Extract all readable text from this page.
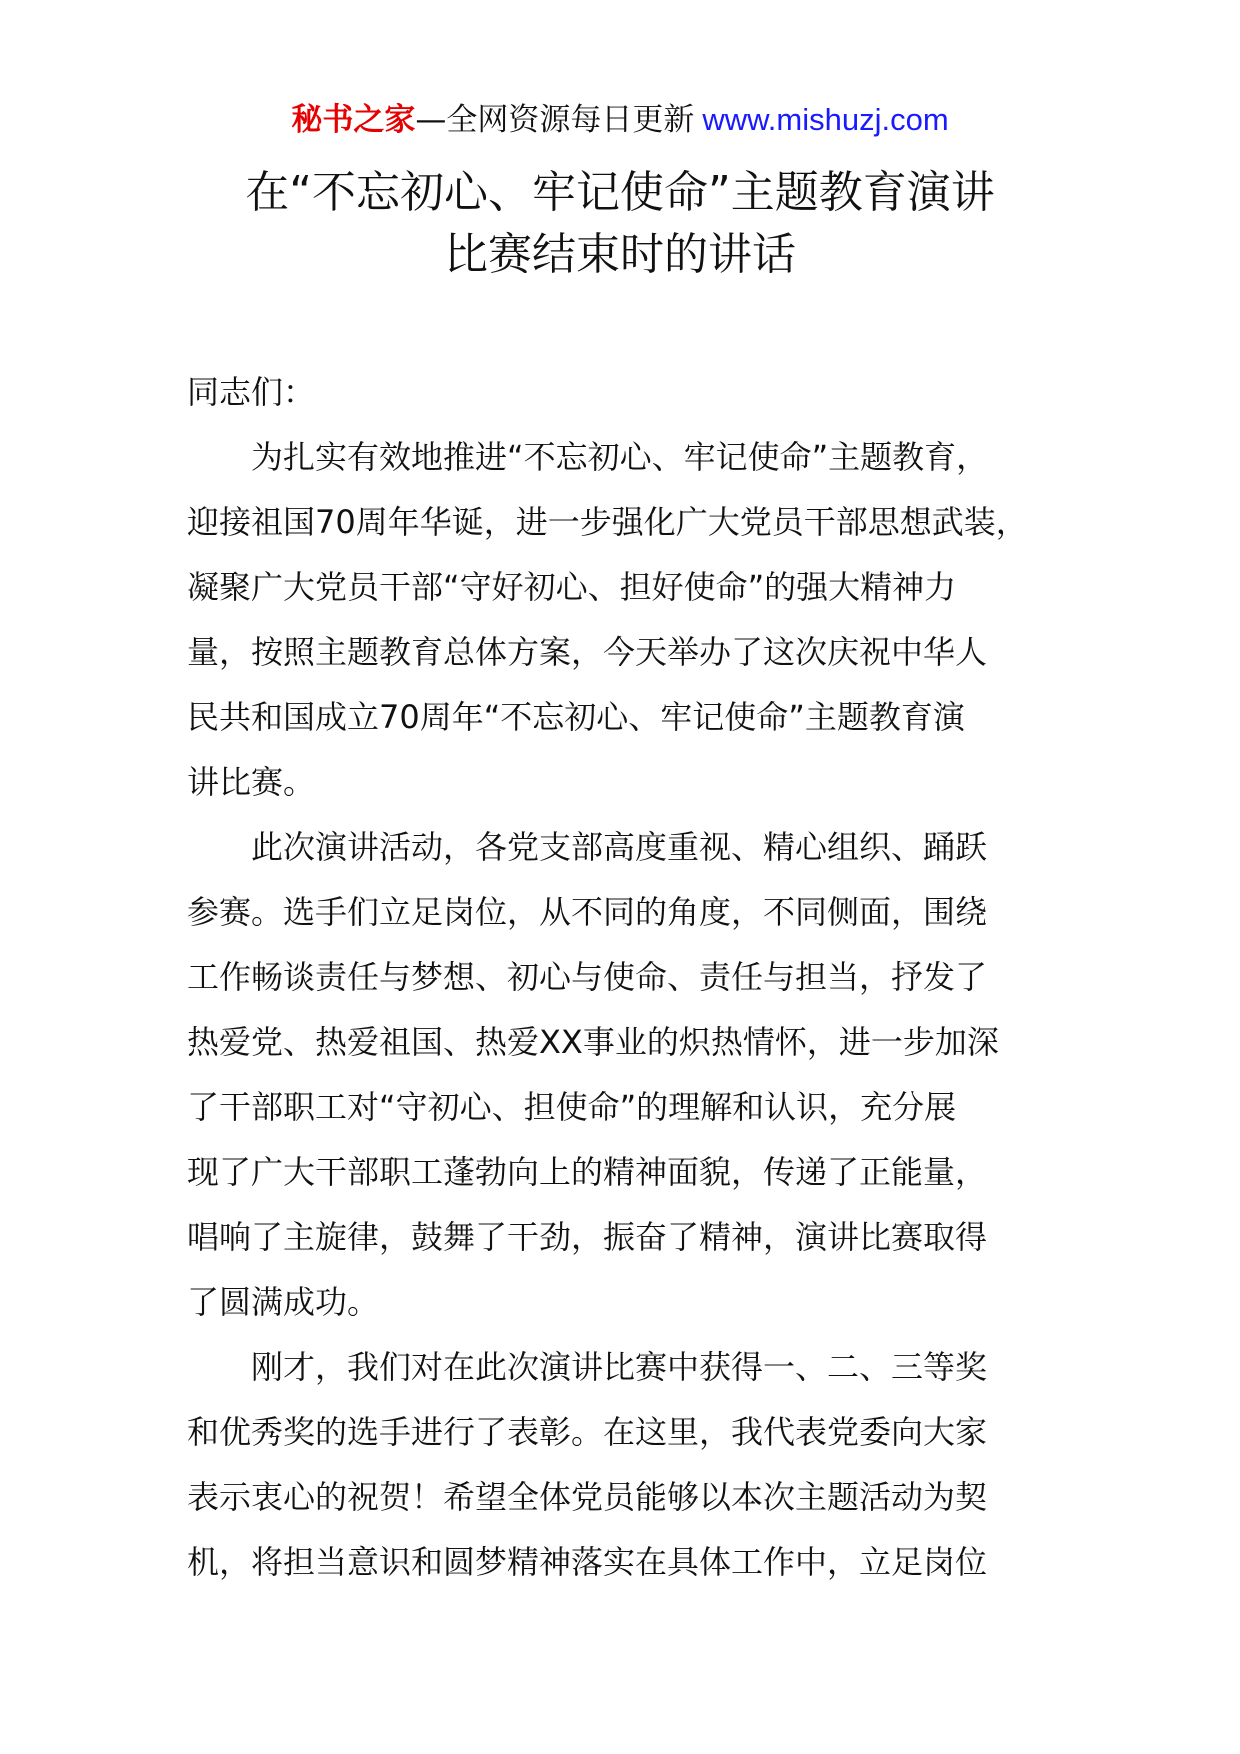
秘书之家—全网资源每日更新 www.mishuzj.com
在“不忘初心、牢记使命”主题教育演讲
比赛结束时的讲话

同志们：

为扎实有效地推进“不忘初心、牢记使命”主题教育，
迎接祖国70周年华诞，进一步强化广大党员干部思想武装，
凝聚广大党员干部“守好初心、担好使命”的强大精神力
量，按照主题教育总体方案，今天举办了这次庆祝中华人
民共和国成立70周年“不忘初心、牢记使命”主题教育演
讲比赛。
此次演讲活动，各党支部高度重视、精心组织、踊跃
参赛。选手们立足岗位，从不同的角度，不同侧面，围绕
工作畅谈责任与梦想、初心与使命、责任与担当，抒发了
热爱党、热爱祖国、热爱XX事业的炽热情怀，进一步加深
了干部职工对“守初心、担使命”的理解和认识，充分展
现了广大干部职工蓬勃向上的精神面貌，传递了正能量，
唱响了主旋律，鼓舞了干劲，振奋了精神，演讲比赛取得
了圆满成功。
刚才，我们对在此次演讲比赛中获得一、二、三等奖
和优秀奖的选手进行了表彰。在这里，我代表党委向大家
表示衷心的祝贺！希望全体党员能够以本次主题活动为契
机，将担当意识和圆梦精神落实在具体工作中，立足岗位
